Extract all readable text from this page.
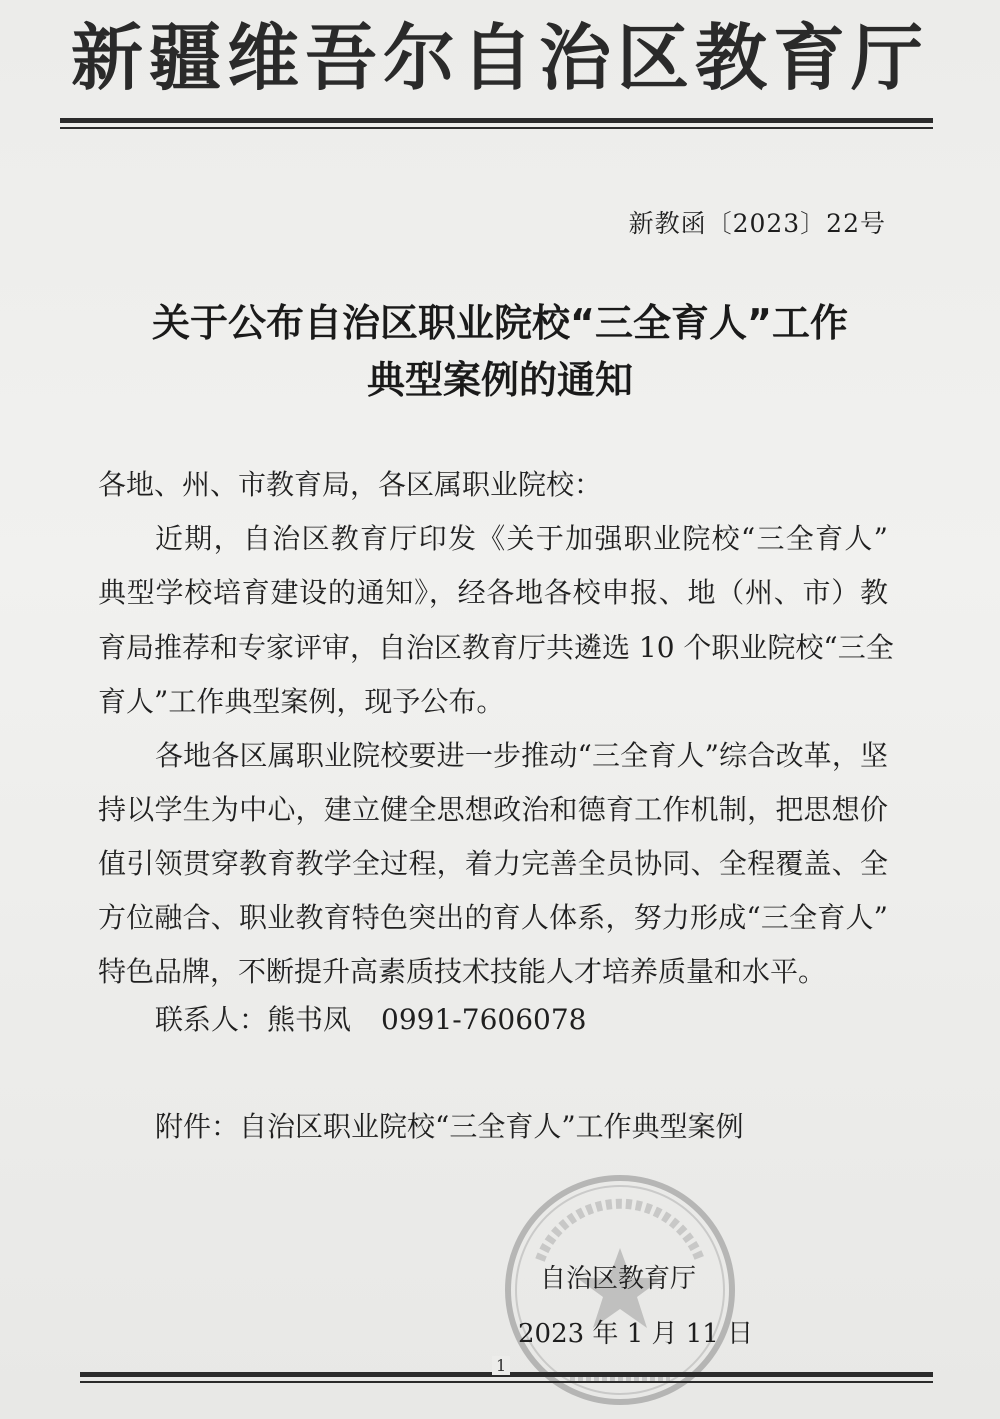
新疆维吾尔自治区教育厅
新教函〔2023〕22号
关于公布自治区职业院校“三全育人”工作
典型案例的通知
各地、州、市教育局，各区属职业院校：
近期，自治区教育厅印发《关于加强职业院校“三全育人”
典型学校培育建设的通知》，经各地各校申报、地（州、市）教
育局推荐和专家评审，自治区教育厅共遴选 10 个职业院校“三全
育人”工作典型案例，现予公布。
各地各区属职业院校要进一步推动“三全育人”综合改革，坚
持以学生为中心，建立健全思想政治和德育工作机制，把思想价
值引领贯穿教育教学全过程，着力完善全员协同、全程覆盖、全
方位融合、职业教育特色突出的育人体系，努力形成“三全育人”
特色品牌，不断提升高素质技术技能人才培养质量和水平。
联系人：熊书凤 0991-7606078
附件：自治区职业院校“三全育人”工作典型案例
自治区教育厅
2023 年 1 月 11 日
1
